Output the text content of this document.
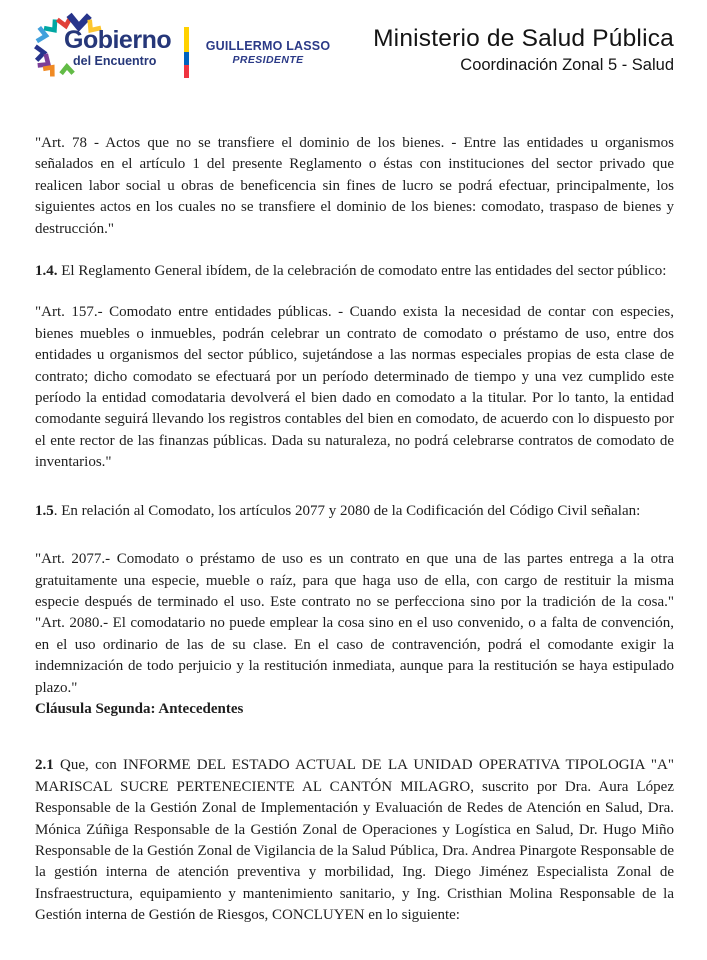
Gobierno
del Encuentro
GUILLERMO LASSO
PRESIDENTE
Ministerio de Salud Pública
Coordinación Zonal 5 - Salud

"Art. 78 - Actos que no se transfiere el dominio de los bienes. - Entre las entidades u organismos señalados en el artículo 1 del presente Reglamento o éstas con instituciones del sector privado que realicen labor social u obras de beneficencia sin fines de lucro se podrá efectuar, principalmente, los siguientes actos en los cuales no se transfiere el dominio de los bienes: comodato, traspaso de bienes y destrucción."

1.4. El Reglamento General ibídem, de la celebración de comodato entre las entidades del sector público:

"Art. 157.- Comodato entre entidades públicas. - Cuando exista la necesidad de contar con especies, bienes muebles o inmuebles, podrán celebrar un contrato de comodato o préstamo de uso, entre dos entidades u organismos del sector público, sujetándose a las normas especiales propias de esta clase de contrato; dicho comodato se efectuará por un período determinado de tiempo y una vez cumplido este período la entidad comodataria devolverá el bien dado en comodato a la titular. Por lo tanto, la entidad comodante seguirá llevando los registros contables del bien en comodato, de acuerdo con lo dispuesto por el ente rector de las finanzas públicas. Dada su naturaleza, no podrá celebrarse contratos de comodato de inventarios."

1.5. En relación al Comodato, los artículos 2077 y 2080 de la Codificación del Código Civil señalan:

"Art. 2077.- Comodato o préstamo de uso es un contrato en que una de las partes entrega a la otra gratuitamente una especie, mueble o raíz, para que haga uso de ella, con cargo de restituir la misma especie después de terminado el uso. Este contrato no se perfecciona sino por la tradición de la cosa." "Art. 2080.- El comodatario no puede emplear la cosa sino en el uso convenido, o a falta de convención, en el uso ordinario de las de su clase. En el caso de contravención, podrá el comodante exigir la indemnización de todo perjuicio y la restitución inmediata, aunque para la restitución se haya estipulado plazo."

Cláusula Segunda: Antecedentes

2.1 Que, con INFORME DEL ESTADO ACTUAL DE LA UNIDAD OPERATIVA TIPOLOGIA "A" MARISCAL SUCRE PERTENECIENTE AL CANTÓN MILAGRO, suscrito por Dra. Aura López Responsable de la Gestión Zonal de Implementación y Evaluación de Redes de Atención en Salud, Dra. Mónica Zúñiga Responsable de la Gestión Zonal de Operaciones y Logística en Salud, Dr. Hugo Miño Responsable de la Gestión Zonal de Vigilancia de la Salud Pública, Dra. Andrea Pinargote Responsable de la gestión interna de atención preventiva y morbilidad, Ing. Diego Jiménez Especialista Zonal de Insfraestructura, equipamiento y mantenimiento sanitario, y Ing. Cristhian Molina Responsable de la Gestión interna de Gestión de Riesgos, CONCLUYEN en lo siguiente:
